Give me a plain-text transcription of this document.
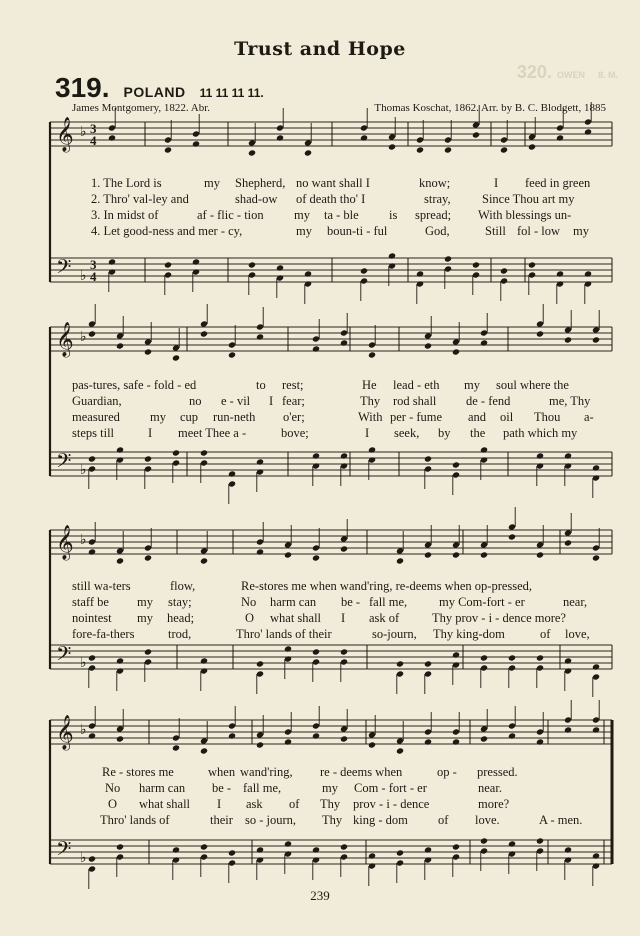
Trust and Hope
320. OWEN 8. M.
319. POLAND 11 11 11 11.
James Montgomery, 1822. Abr.	Thomas Koschat, 1862. Arr. by B. C. Blodgett, 1885
𝄞
𝄢
♭
♭
3
3
4
4
𝄞
𝄢
♭
♭
𝄞
𝄢
♭
♭
𝄞
𝄢
♭
♭
1. The Lord is	my Shepherd, no want shall I	know;	I feed in green
2. Thro' val-ley and	shad-ow of death tho' I	stray,	Since Thou art my
3. In midst of	af - flic - tion my ta - ble is spread; With blessings un-
4. Let good-ness and mer - cy,	my boun-ti - ful	God,	Still fol - low my
pas-tures, safe - fold - ed	to rest;	He lead - eth my soul where the
Guardian,	no e - vil I fear;	Thy rod shall de - fend	me, Thy
measured my cup run-neth o'er;	With per - fume and oil Thou a-
steps till	I meet Thee a -	bove;	I seek, by the path which my
still wa-ters	flow,	Re-stores me when wand'ring, re-deems when op-pressed,
staff be my stay;	No harm can be - fall me,	my Com-fort - er	near,
nointest my head;	O what shall I ask of	Thy prov - i - dence more?
fore-fa-thers	trod,	Thro' lands of their	so-journ, Thy king-dom	of love,
Re - stores me	when wand'ring, re - deems when	op - pressed.
No harm can be - fall me,	my Com - fort - er	near.
O what shall I ask of Thy prov - i - dence	more?
Thro' lands of	their so - journ, Thy king - dom of love.	A - men.
239
